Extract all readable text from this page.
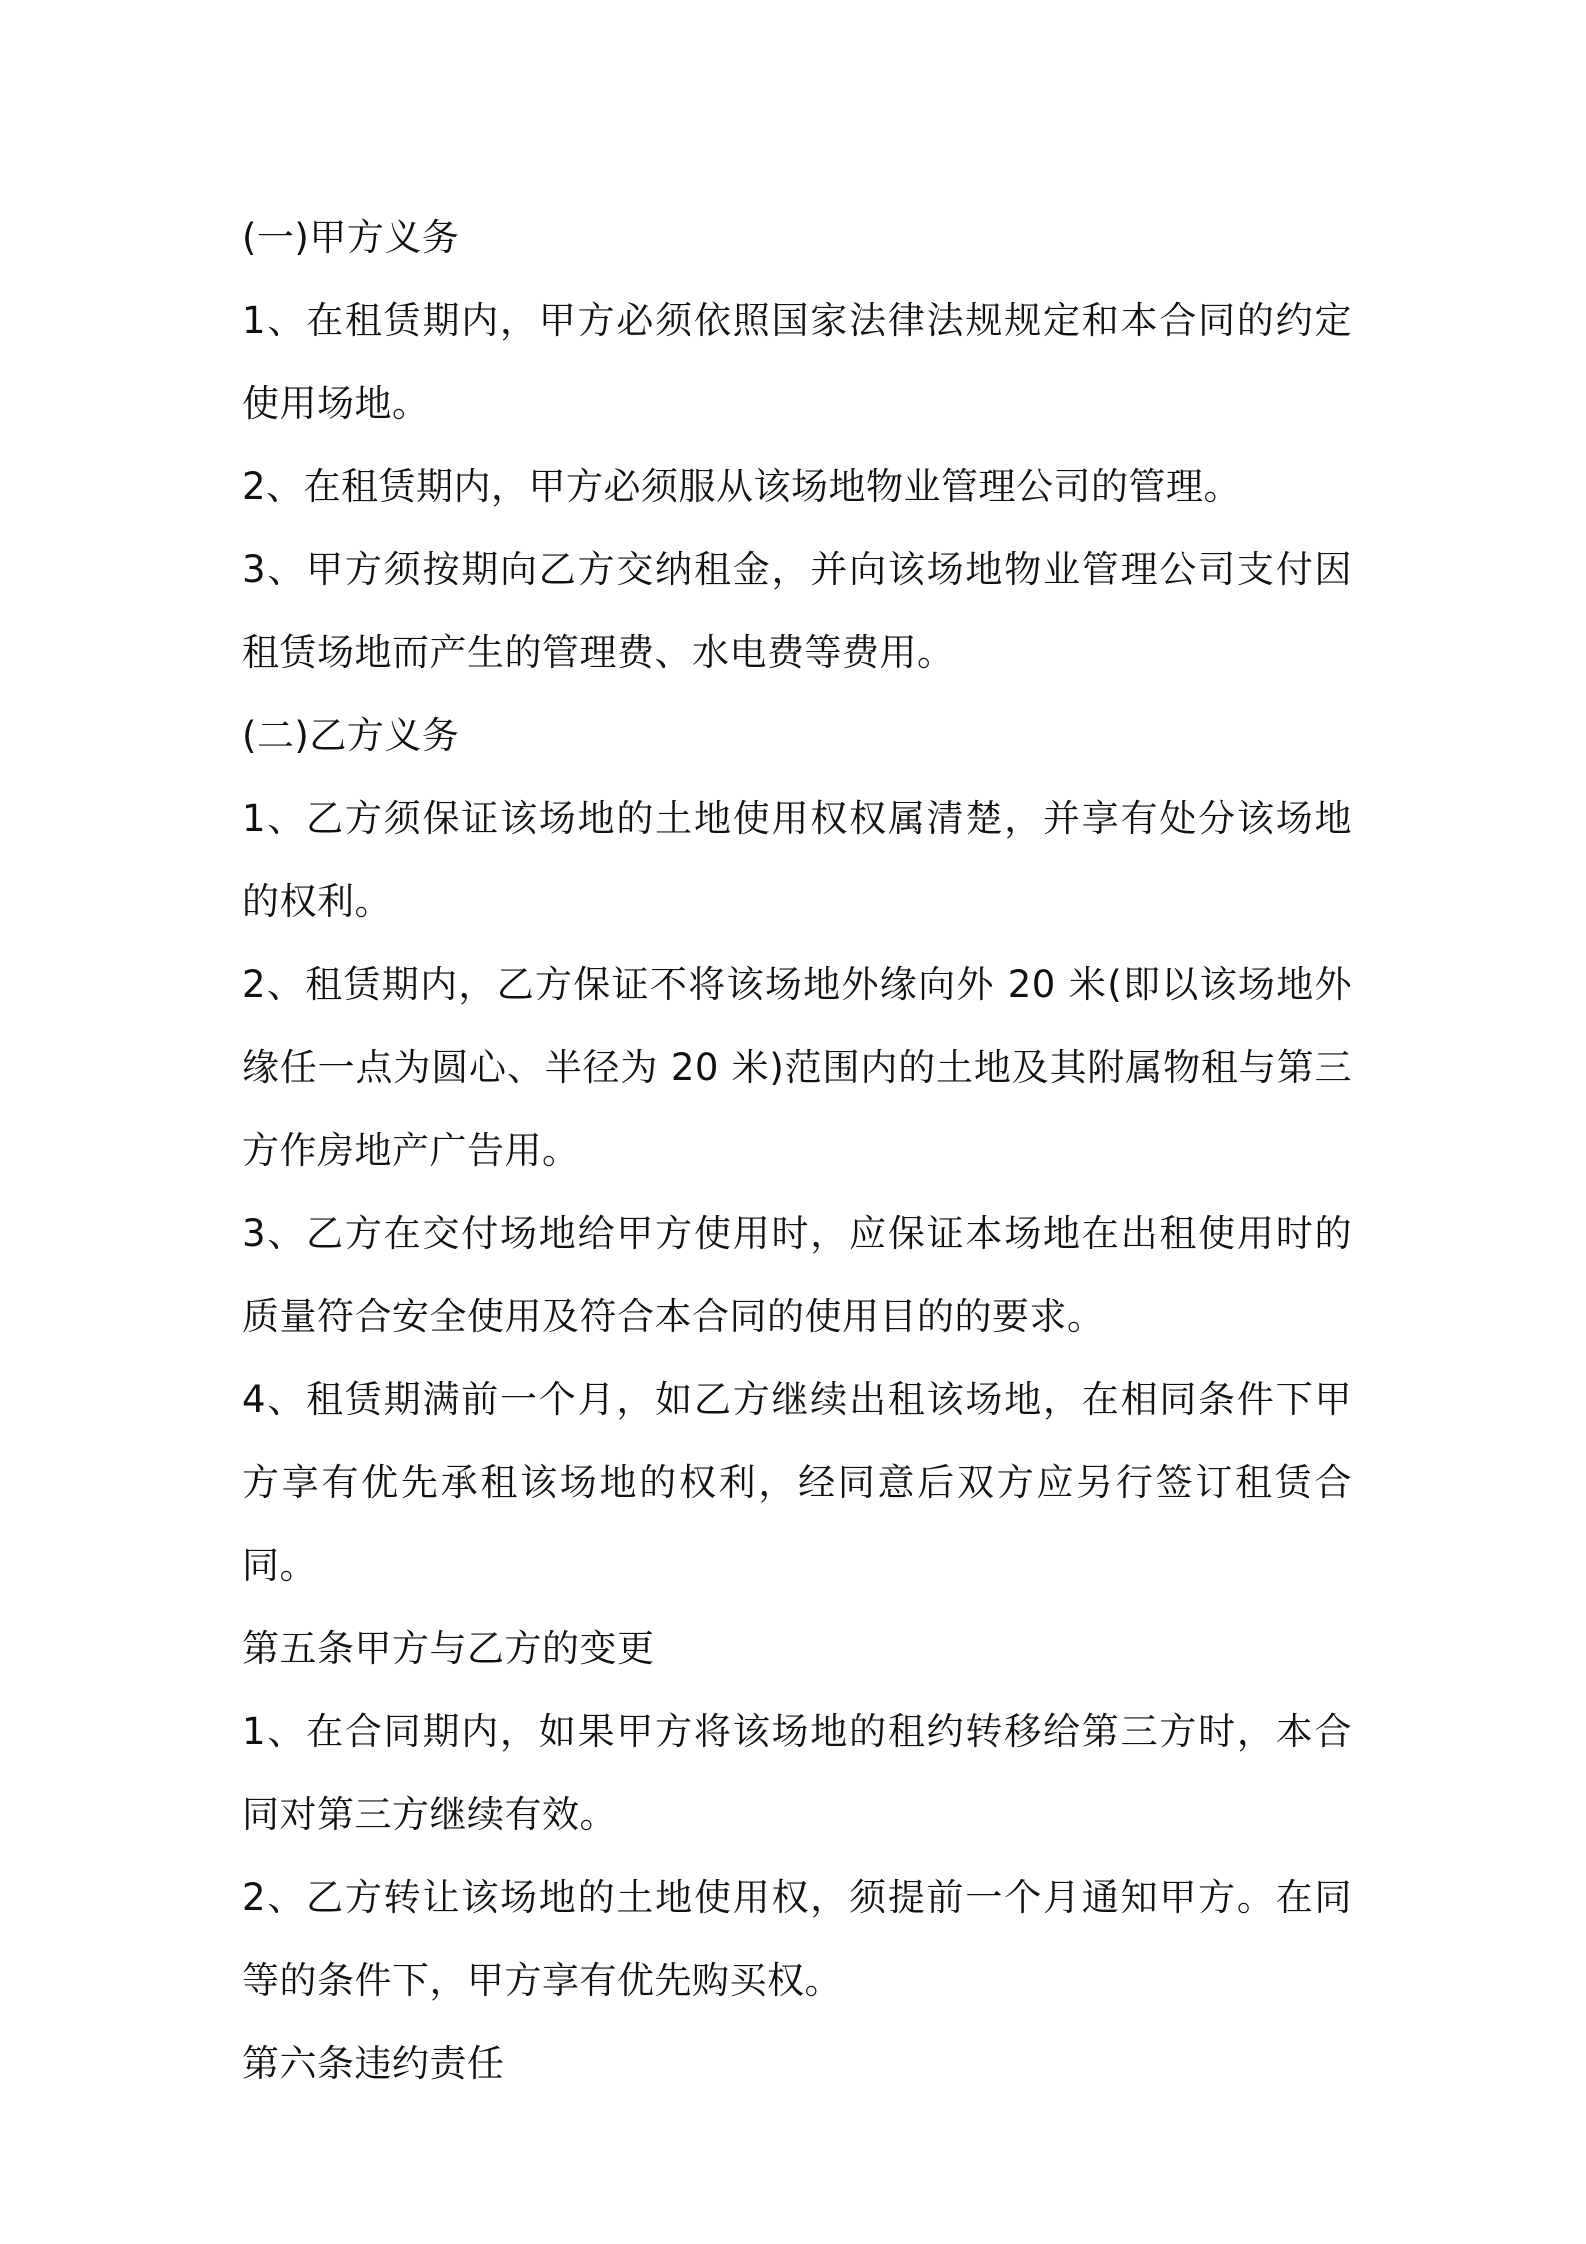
(一)甲方义务

1、在租赁期内，甲方必须依照国家法律法规规定和本合同的约定使用场地。

2、在租赁期内，甲方必须服从该场地物业管理公司的管理。

3、甲方须按期向乙方交纳租金，并向该场地物业管理公司支付因租赁场地而产生的管理费、水电费等费用。

(二)乙方义务

1、乙方须保证该场地的土地使用权权属清楚，并享有处分该场地的权利。

2、租赁期内，乙方保证不将该场地外缘向外 20 米(即以该场地外缘任一点为圆心、半径为 20 米)范围内的土地及其附属物租与第三方作房地产广告用。

3、乙方在交付场地给甲方使用时，应保证本场地在出租使用时的质量符合安全使用及符合本合同的使用目的的要求。

4、租赁期满前一个月，如乙方继续出租该场地，在相同条件下甲方享有优先承租该场地的权利，经同意后双方应另行签订租赁合同。

第五条甲方与乙方的变更

1、在合同期内，如果甲方将该场地的租约转移给第三方时，本合同对第三方继续有效。

2、乙方转让该场地的土地使用权，须提前一个月通知甲方。在同等的条件下，甲方享有优先购买权。

第六条违约责任
